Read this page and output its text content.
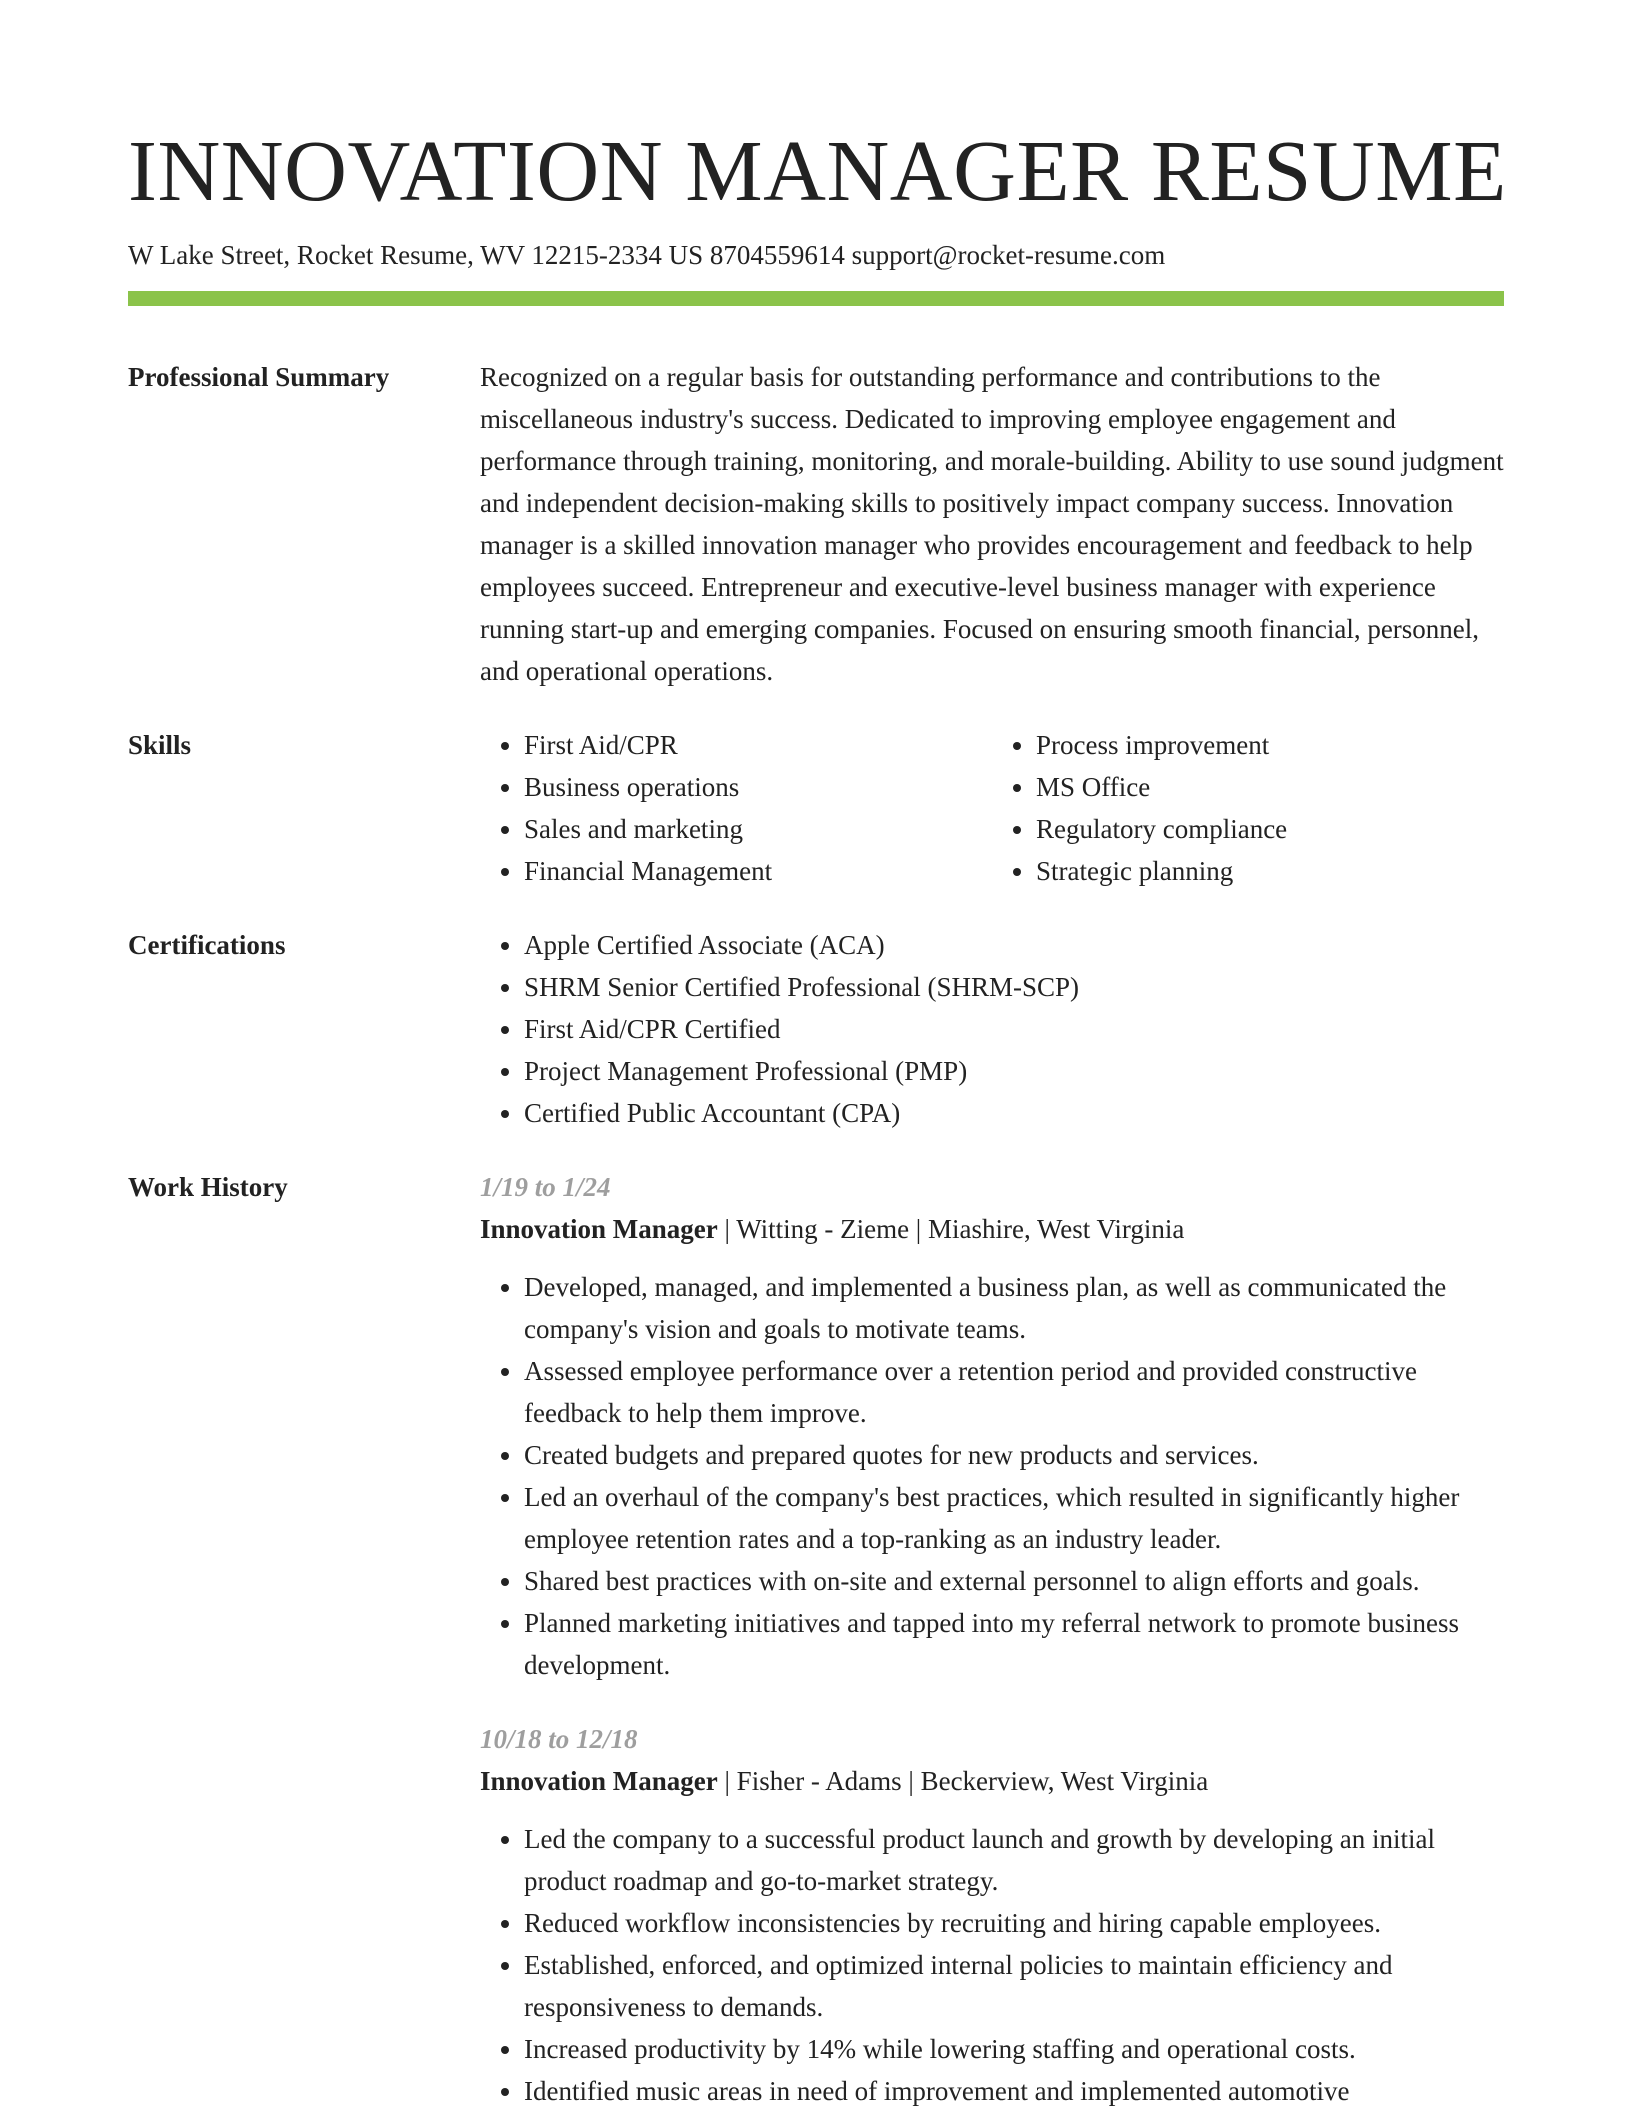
INNOVATION MANAGER RESUME
W Lake Street, Rocket Resume, WV 12215-2334 US 8704559614 support@rocket-resume.com
Professional Summary	Recognized on a regular basis for outstanding performance and contributions to the miscellaneous industry's success. Dedicated to improving employee engagement and performance through training, monitoring, and morale-building. Ability to use sound judgment and independent decision-making skills to positively impact company success. Innovation manager is a skilled innovation manager who provides encouragement and feedback to help employees succeed. Entrepreneur and executive-level business manager with experience running start-up and emerging companies. Focused on ensuring smooth financial, personnel, and operational operations.

Skills	• First Aid/CPR
• Business operations
• Sales and marketing
• Financial Management
• Process improvement
• MS Office
• Regulatory compliance
• Strategic planning
Certifications	• Apple Certified Associate (ACA)
• SHRM Senior Certified Professional (SHRM-SCP)
• First Aid/CPR Certified
• Project Management Professional (PMP)
• Certified Public Accountant (CPA)
Work History	1/19 to 1/24
Innovation Manager | Witting - Zieme | Miashire, West Virginia
• Developed, managed, and implemented a business plan, as well as communicated the company's vision and goals to motivate teams.
• Assessed employee performance over a retention period and provided constructive feedback to help them improve.
• Created budgets and prepared quotes for new products and services.
• Led an overhaul of the company's best practices, which resulted in significantly higher employee retention rates and a top-ranking as an industry leader.
• Shared best practices with on-site and external personnel to align efforts and goals.
• Planned marketing initiatives and tapped into my referral network to promote business development.
10/18 to 12/18
Innovation Manager | Fisher - Adams | Beckerview, West Virginia
• Led the company to a successful product launch and growth by developing an initial product roadmap and go-to-market strategy.
• Reduced workflow inconsistencies by recruiting and hiring capable employees.
• Established, enforced, and optimized internal policies to maintain efficiency and responsiveness to demands.
• Increased productivity by 14% while lowering staffing and operational costs.
• Identified music areas in need of improvement and implemented automotive
